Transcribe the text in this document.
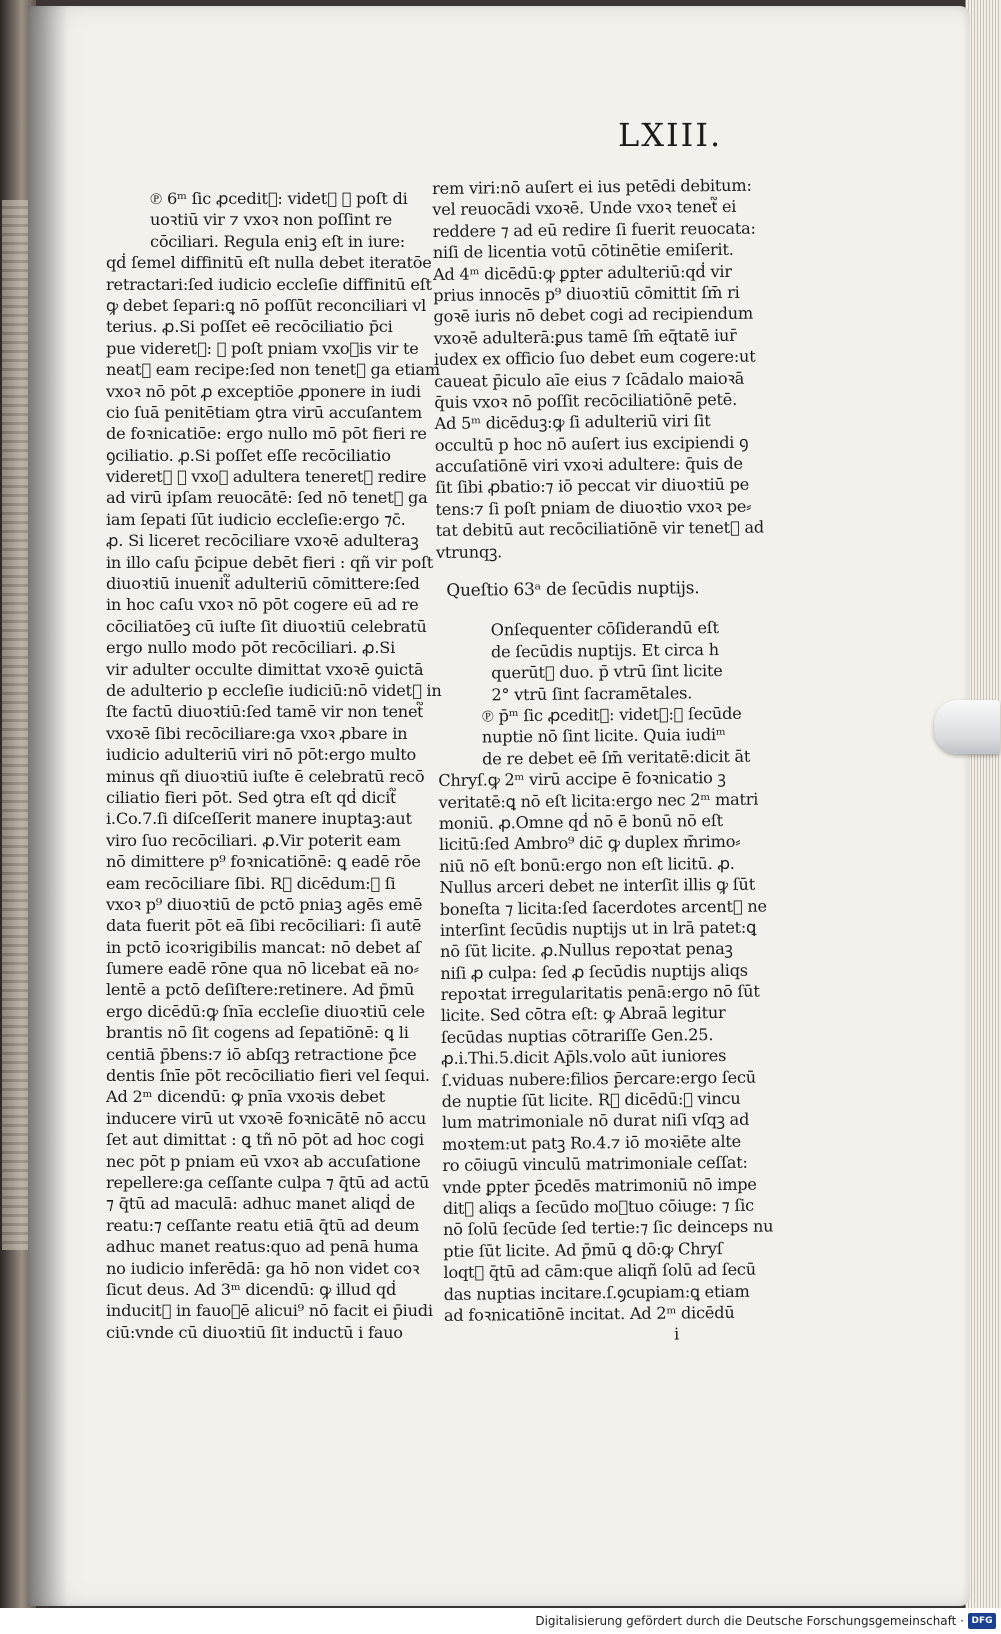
LXIII.
℗ 6ᵐ ſic ꝓcedit᷑: videt᷑ ꝙ poſt di
uoꝛtiū vir ⁊ vxoꝛ non poſſint re
cōciliari. Regula eniꝫ eſt in iure:
qḋ ſemel diffinitū eſt nulla debet iteratōe
retractari:ſed iudicio eccleſie diffinitū eſt
ꝙ debet ſepari:ꝗ nō poſſūt reconciliari vl
terius. ꝓ.Si poſſet eē recōciliatio p̄ci
pue videret᷑: ꝙ poſt pniam vxoꝛis vir te
neat᷑ eam recipe:ſed non tenet᷑ ga etiam
vxoꝛ nō pōt ꝓ exceptiōe ꝓponere in iudi
cio ſuā penitētiam ꝯtra virū accuſantem
de foꝛnicatiōe: ergo nullo mō pōt fieri re
ꝯciliatio. ꝓ.Si poſſet eſſe recōciliatio
videret᷑ ꝙ vxoꝛ adultera teneret᷑ redire
ad virū ipſam reuocātē: ſed nō tenet᷑ ga
iam ſepati ſūt iudicio eccleſie:ergo ⁊c̄.
ꝓ. Si liceret recōciliare vxoꝛē adulteraꝫ
in illo caſu p̄cipue debēt fieri : qñ vir poſt
diuoꝛtiū inuenit᷑ adulteriū cōmittere:ſed
in hoc caſu vxoꝛ nō pōt cogere eū ad re
cōciliatōeꝫ cū iuſte ſit diuoꝛtiū celebratū
ergo nullo modo pōt recōciliari. ꝓ.Si
vir adulter occulte dimittat vxoꝛē ꝯuictā
de adulterio p eccleſie iudiciū:nō videt᷑ in
ſte factū diuoꝛtiū:ſed tamē vir non tenet᷑
vxoꝛē ſibi recōciliare:ga vxoꝛ ꝓbare in
iudicio adulteriū viri nō pōt:ergo multo
minus qñ diuoꝛtiū iuſte ē celebratū recō
ciliatio fieri pōt. Sed ꝯtra eſt qḋ dicit᷑
i.Co.7.ſi diſceſſerit manere inuptaꝫ:aut
viro ſuo recōciliari. ꝓ.Vir poterit eam
nō dimittere p⁹ foꝛnicatiōnē: ꝗ eadē rōe
eam recōciliare ſibi. Rᷣ dicēdum:ꝙ ſi
vxoꝛ p⁹ diuoꝛtiū de pctō pniaꝫ agēs emē
data fuerit pōt eā ſibi recōciliari: ſi autē
in pctō icoꝛrigibilis mancat: nō debet aſ
ſumere eadē rōne qua nō licebat eā no⸗
lentē a pctō deſiſtere:retinere. Ad p̄mū
ergo dicēdū:ꝙ ſnīa eccleſie diuoꝛtiū cele
brantis nō ſit cogens ad ſepatiōnē: ꝗ li
centiā p̄bens:⁊ iō abſqꝫ retractione p̄ce
dentis ſnīe pōt recōciliatio fieri vel ſequi.
Ad 2ᵐ dicendū: ꝙ pnīa vxoꝛis debet
inducere virū ut vxoꝛē foꝛnicātē nō accu
ſet aut dimittat : ꝗ tñ nō pōt ad hoc cogi
nec pōt p pniam eū vxoꝛ ab accuſatione
repellere:ga ceſſante culpa ⁊ q̄tū ad actū
⁊ q̄tū ad maculā: adhuc manet aliqḋ de
reatu:⁊ ceſſante reatu etiā q̄tū ad deum
adhuc manet reatus:quo ad penā huma
no iudicio inferēdā: ga hō non videt coꝛ
ſicut deus. Ad 3ᵐ dicendū: ꝙ illud qḋ
inducit᷑ in fauoꝛē alicui⁹ nō facit ei p̄iudi
ciū:vnde cū diuoꝛtiū ſit inductū i fauo
rem viri:nō auſert ei ius petēdi debitum:
vel reuocādi vxoꝛē. Unde vxoꝛ tenet᷑ ei
reddere ⁊ ad eū redire ſi fuerit reuocata:
niſi de licentia votū cōtinētie emiſerit.
Ad 4ᵐ dicēdū:ꝙ ꝑpter adulteriū:qḋ vir
prius innocēs p⁹ diuoꝛtiū cōmittit ſm̄ ri
goꝛē iuris nō debet cogi ad recipiendum
vxoꝛē adulterā:ꝑus tamē ſm̄ eq̄tatē iur̄
iudex ex officio ſuo debet eum cogere:ut
caueat p̄iculo aīe eius ⁊ ſcādalo maioꝛā
q̄uis vxoꝛ nō poſſit recōciliatiōnē petē.
Ad 5ᵐ dicēduꝫ:ꝙ ſi adulteriū viri ſit
occultū p hoc nō auſert ius excipiendi ꝯ
accuſatiōnē viri vxoꝛi adultere: q̄uis de
ſit ſibi ꝓbatio:⁊ iō peccat vir diuoꝛtiū pe
tens:⁊ ſi poſt pniam de diuoꝛtio vxoꝛ pe⸗
tat debitū aut recōciliatiōnē vir tenet᷑ ad
vtrunqꝫ.
Queſtio 63ᵃ de ſecūdis nuptijs.
Onſequenter cōſiderandū eſt
de ſecūdis nuptijs. Et circa h
querūt᷑ duo. p̄ vtrū ſint licite
2° vtrū ſint ſacramētales.
℗ p̄ᵐ ſic ꝓcedit᷑: videt᷑:ꝙ ſecūde
nuptie nō ſint licite. Quia iudiᵐ
de re debet eē ſm̄ veritatē:dicit āt
Chryſ.ꝙ 2ᵐ virū accipe ē foꝛnicatio ꝫ
veritatē:ꝗ nō eſt licita:ergo nec 2ᵐ matri
moniū. ꝓ.Omne qḋ nō ē bonū nō eſt
licitū:ſed Ambro⁹ dic̄ ꝙ duplex m̄rimo⸗
niū nō eſt bonū:ergo non eſt licitū. ꝓ.
Nullus arceri debet ne interſit illis ꝙ ſūt
boneſta ⁊ licita:ſed ſacerdotes arcent᷑ ne
interſint ſecūdis nuptijs ut in lrā patet:ꝗ
nō ſūt licite. ꝓ.Nullus repoꝛtat penaꝫ
niſi ꝓ culpa: ſed ꝓ ſecūdis nuptijs aliqs
repoꝛtat irregularitatis penā:ergo nō ſūt
licite. Sed cōtra eſt: ꝙ Abraā legitur
ſecūdas nuptias cōtrariſſe Gen.25.
ꝓ.i.Thi.5.dicit Ap̄ls.volo aūt iuniores
ſ.viduas nubere:filios p̄ercare:ergo ſecū
de nuptie ſūt licite. Rᷣ dicēdū:ꝙ vincu
lum matrimoniale nō durat niſi vſqꝫ ad
moꝛtem:ut patꝫ Ro.4.⁊ iō moꝛiēte alte
ro cōiugū vinculū matrimoniale ceſſat:
vnde ꝑpter p̄cedēs matrimoniū nō impe
dit᷑ aliqs a ſecūdo moꝛtuo cōiuge: ⁊ ſic
nō ſolū ſecūde ſed tertie:⁊ ſic deinceps nu
ptie ſūt licite. Ad p̄mū ꝗ dō:ꝙ Chryſ
loqt᷑ q̄tū ad cām:que aliqñ ſolū ad ſecū
das nuptias incitare.ſ.ꝯcupiam:ꝗ etiam
ad foꝛnicatiōnē incitat. Ad 2ᵐ dicēdū
i
Digitalisierung gefördert durch die Deutsche Forschungsgemeinschaft · DFG
